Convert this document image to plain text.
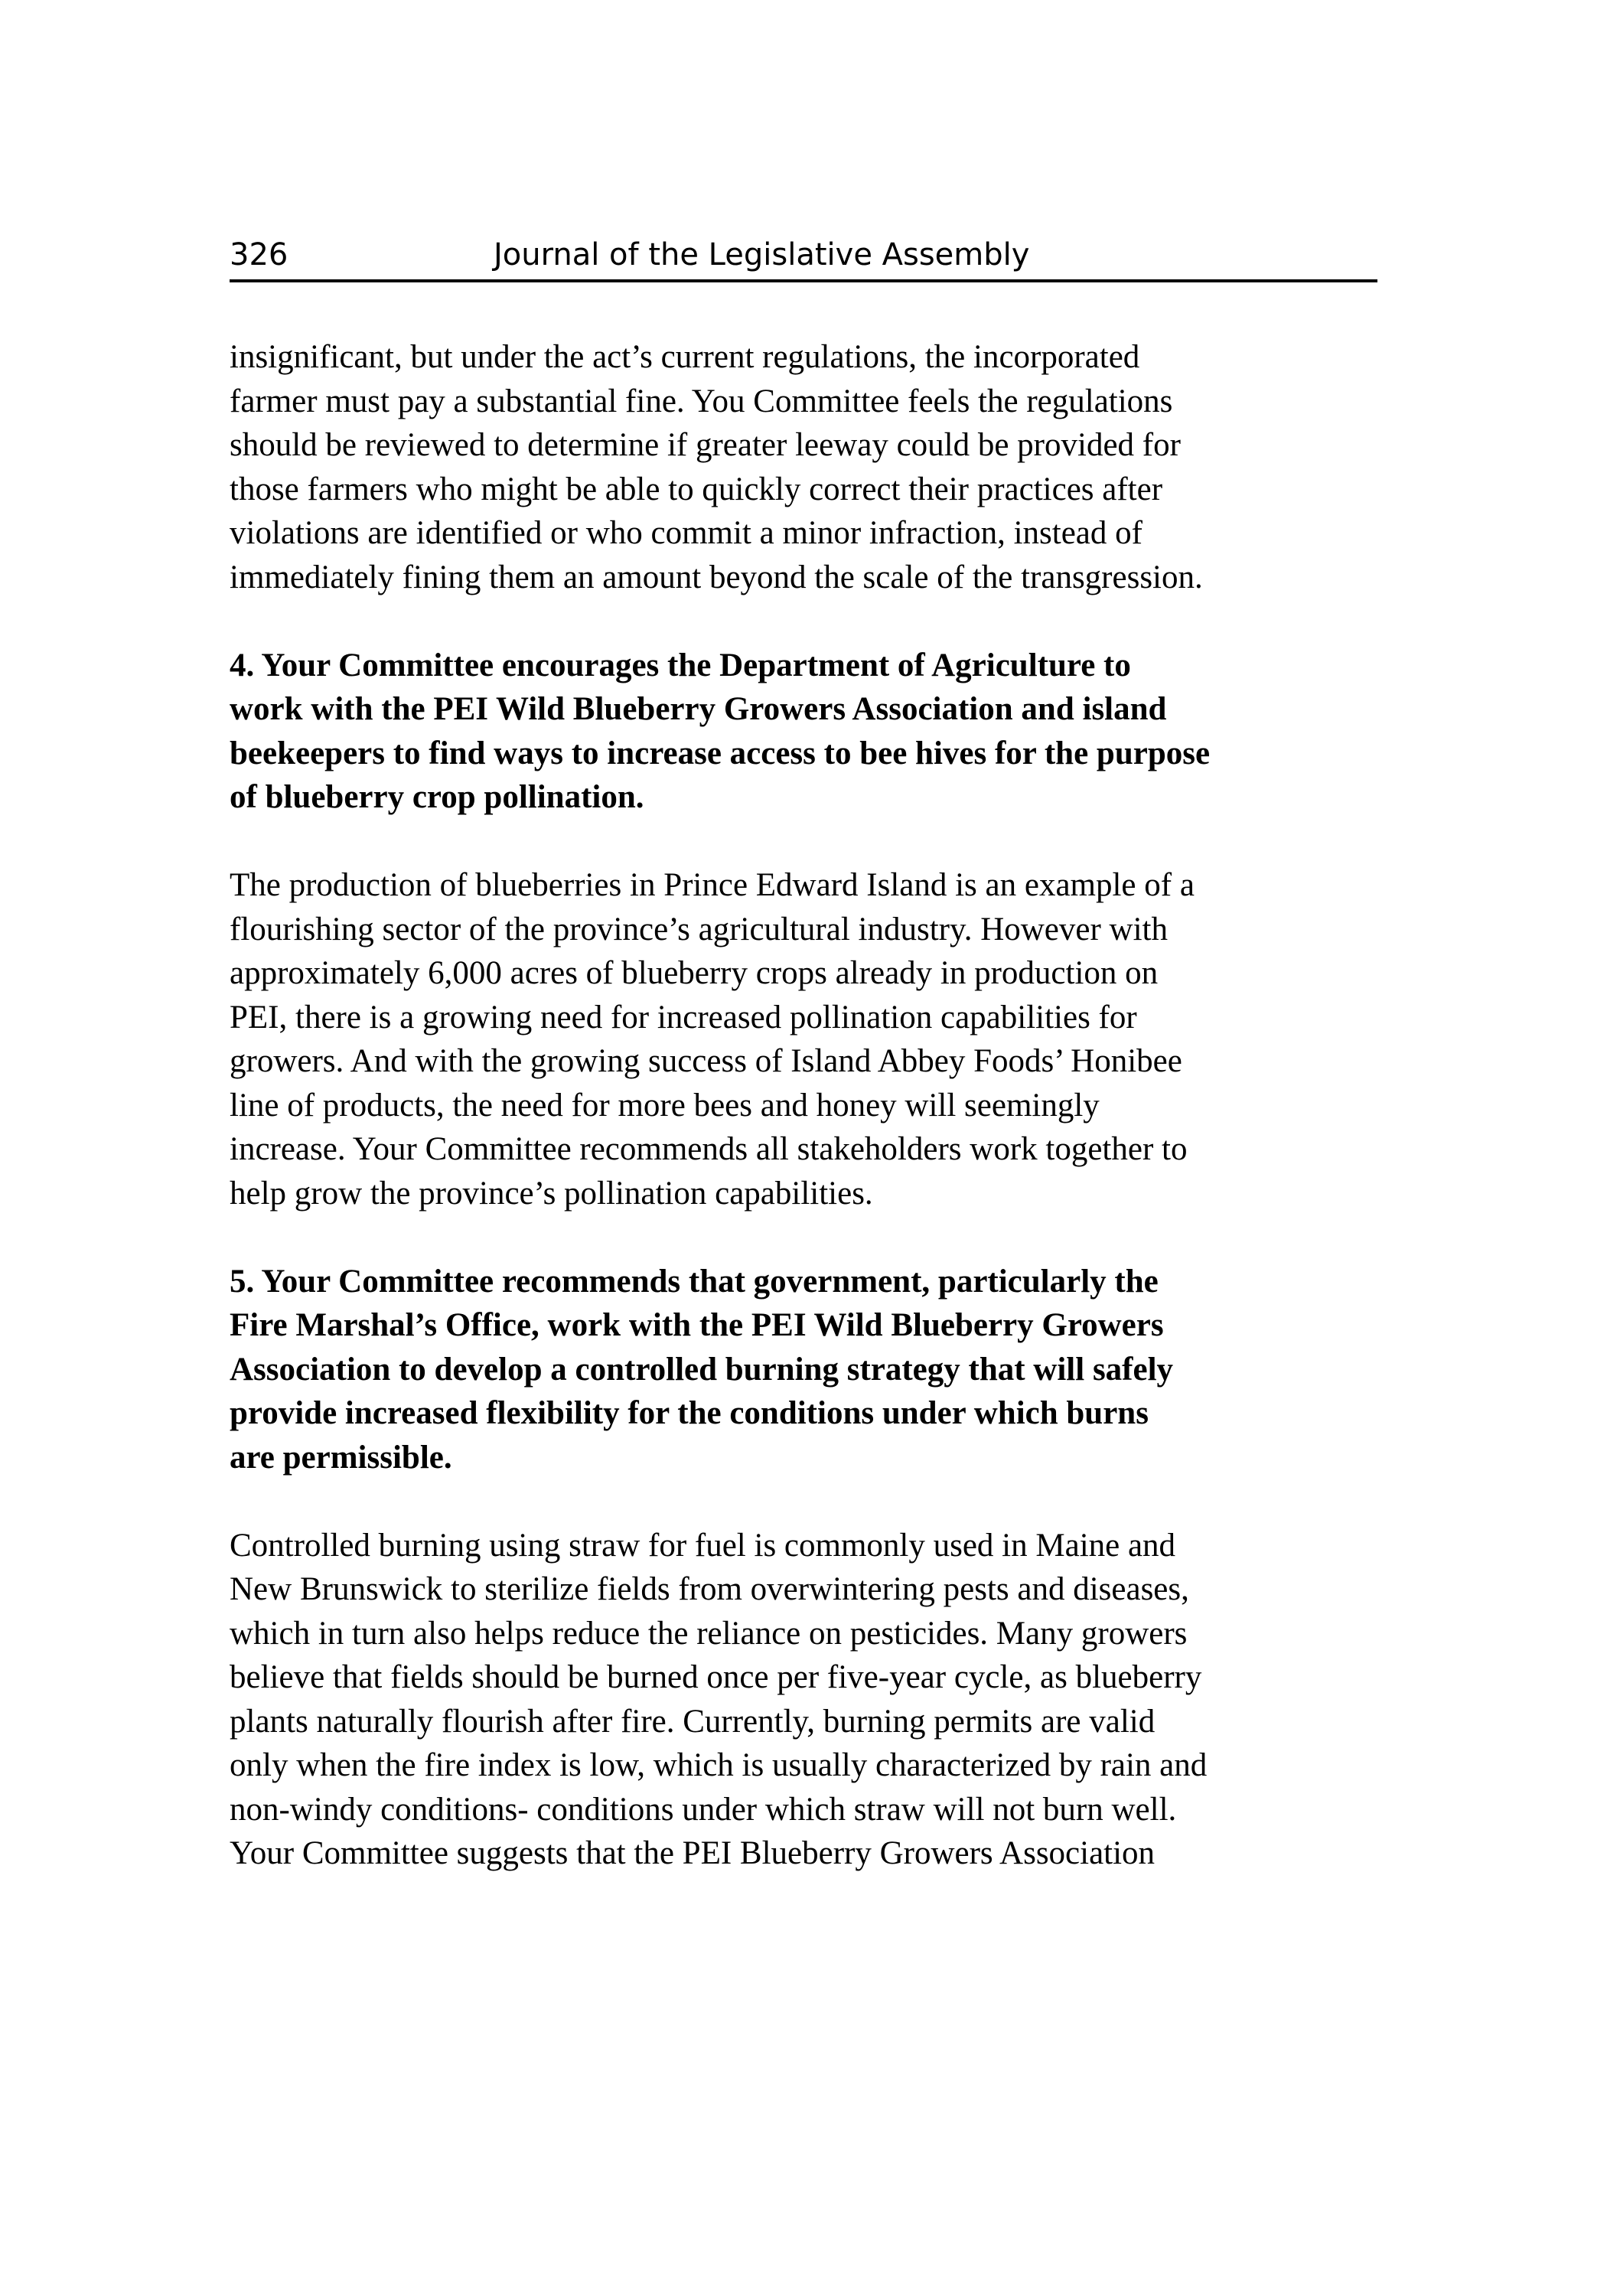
326	Journal of the Legislative Assembly
insignificant, but under the act’s current regulations, the incorporated
farmer must pay a substantial fine. You Committee feels the regulations
should be reviewed to determine if greater leeway could be provided for
those farmers who might be able to quickly correct their practices after
violations are identified or who commit a minor infraction, instead of
immediately fining them an amount beyond the scale of the transgression.
4. Your Committee encourages the Department of Agriculture to
work with the PEI Wild Blueberry Growers Association and island
beekeepers to find ways to increase access to bee hives for the purpose
of blueberry crop pollination.
The production of blueberries in Prince Edward Island is an example of a
flourishing sector of the province’s agricultural industry. However with
approximately 6,000 acres of blueberry crops already in production on
PEI, there is a growing need for increased pollination capabilities for
growers. And with the growing success of Island Abbey Foods’ Honibee
line of products, the need for more bees and honey will seemingly
increase. Your Committee recommends all stakeholders work together to
help grow the province’s pollination capabilities.
5. Your Committee recommends that government, particularly the
Fire Marshal’s Office, work with the PEI Wild Blueberry Growers
Association to develop a controlled burning strategy that will safely
provide increased flexibility for the conditions under which burns
are permissible.
Controlled burning using straw for fuel is commonly used in Maine and
New Brunswick to sterilize fields from overwintering pests and diseases,
which in turn also helps reduce the reliance on pesticides. Many growers
believe that fields should be burned once per five-year cycle, as blueberry
plants naturally flourish after fire. Currently, burning permits are valid
only when the fire index is low, which is usually characterized by rain and
non-windy conditions- conditions under which straw will not burn well.
Your Committee suggests that the PEI Blueberry Growers Association
